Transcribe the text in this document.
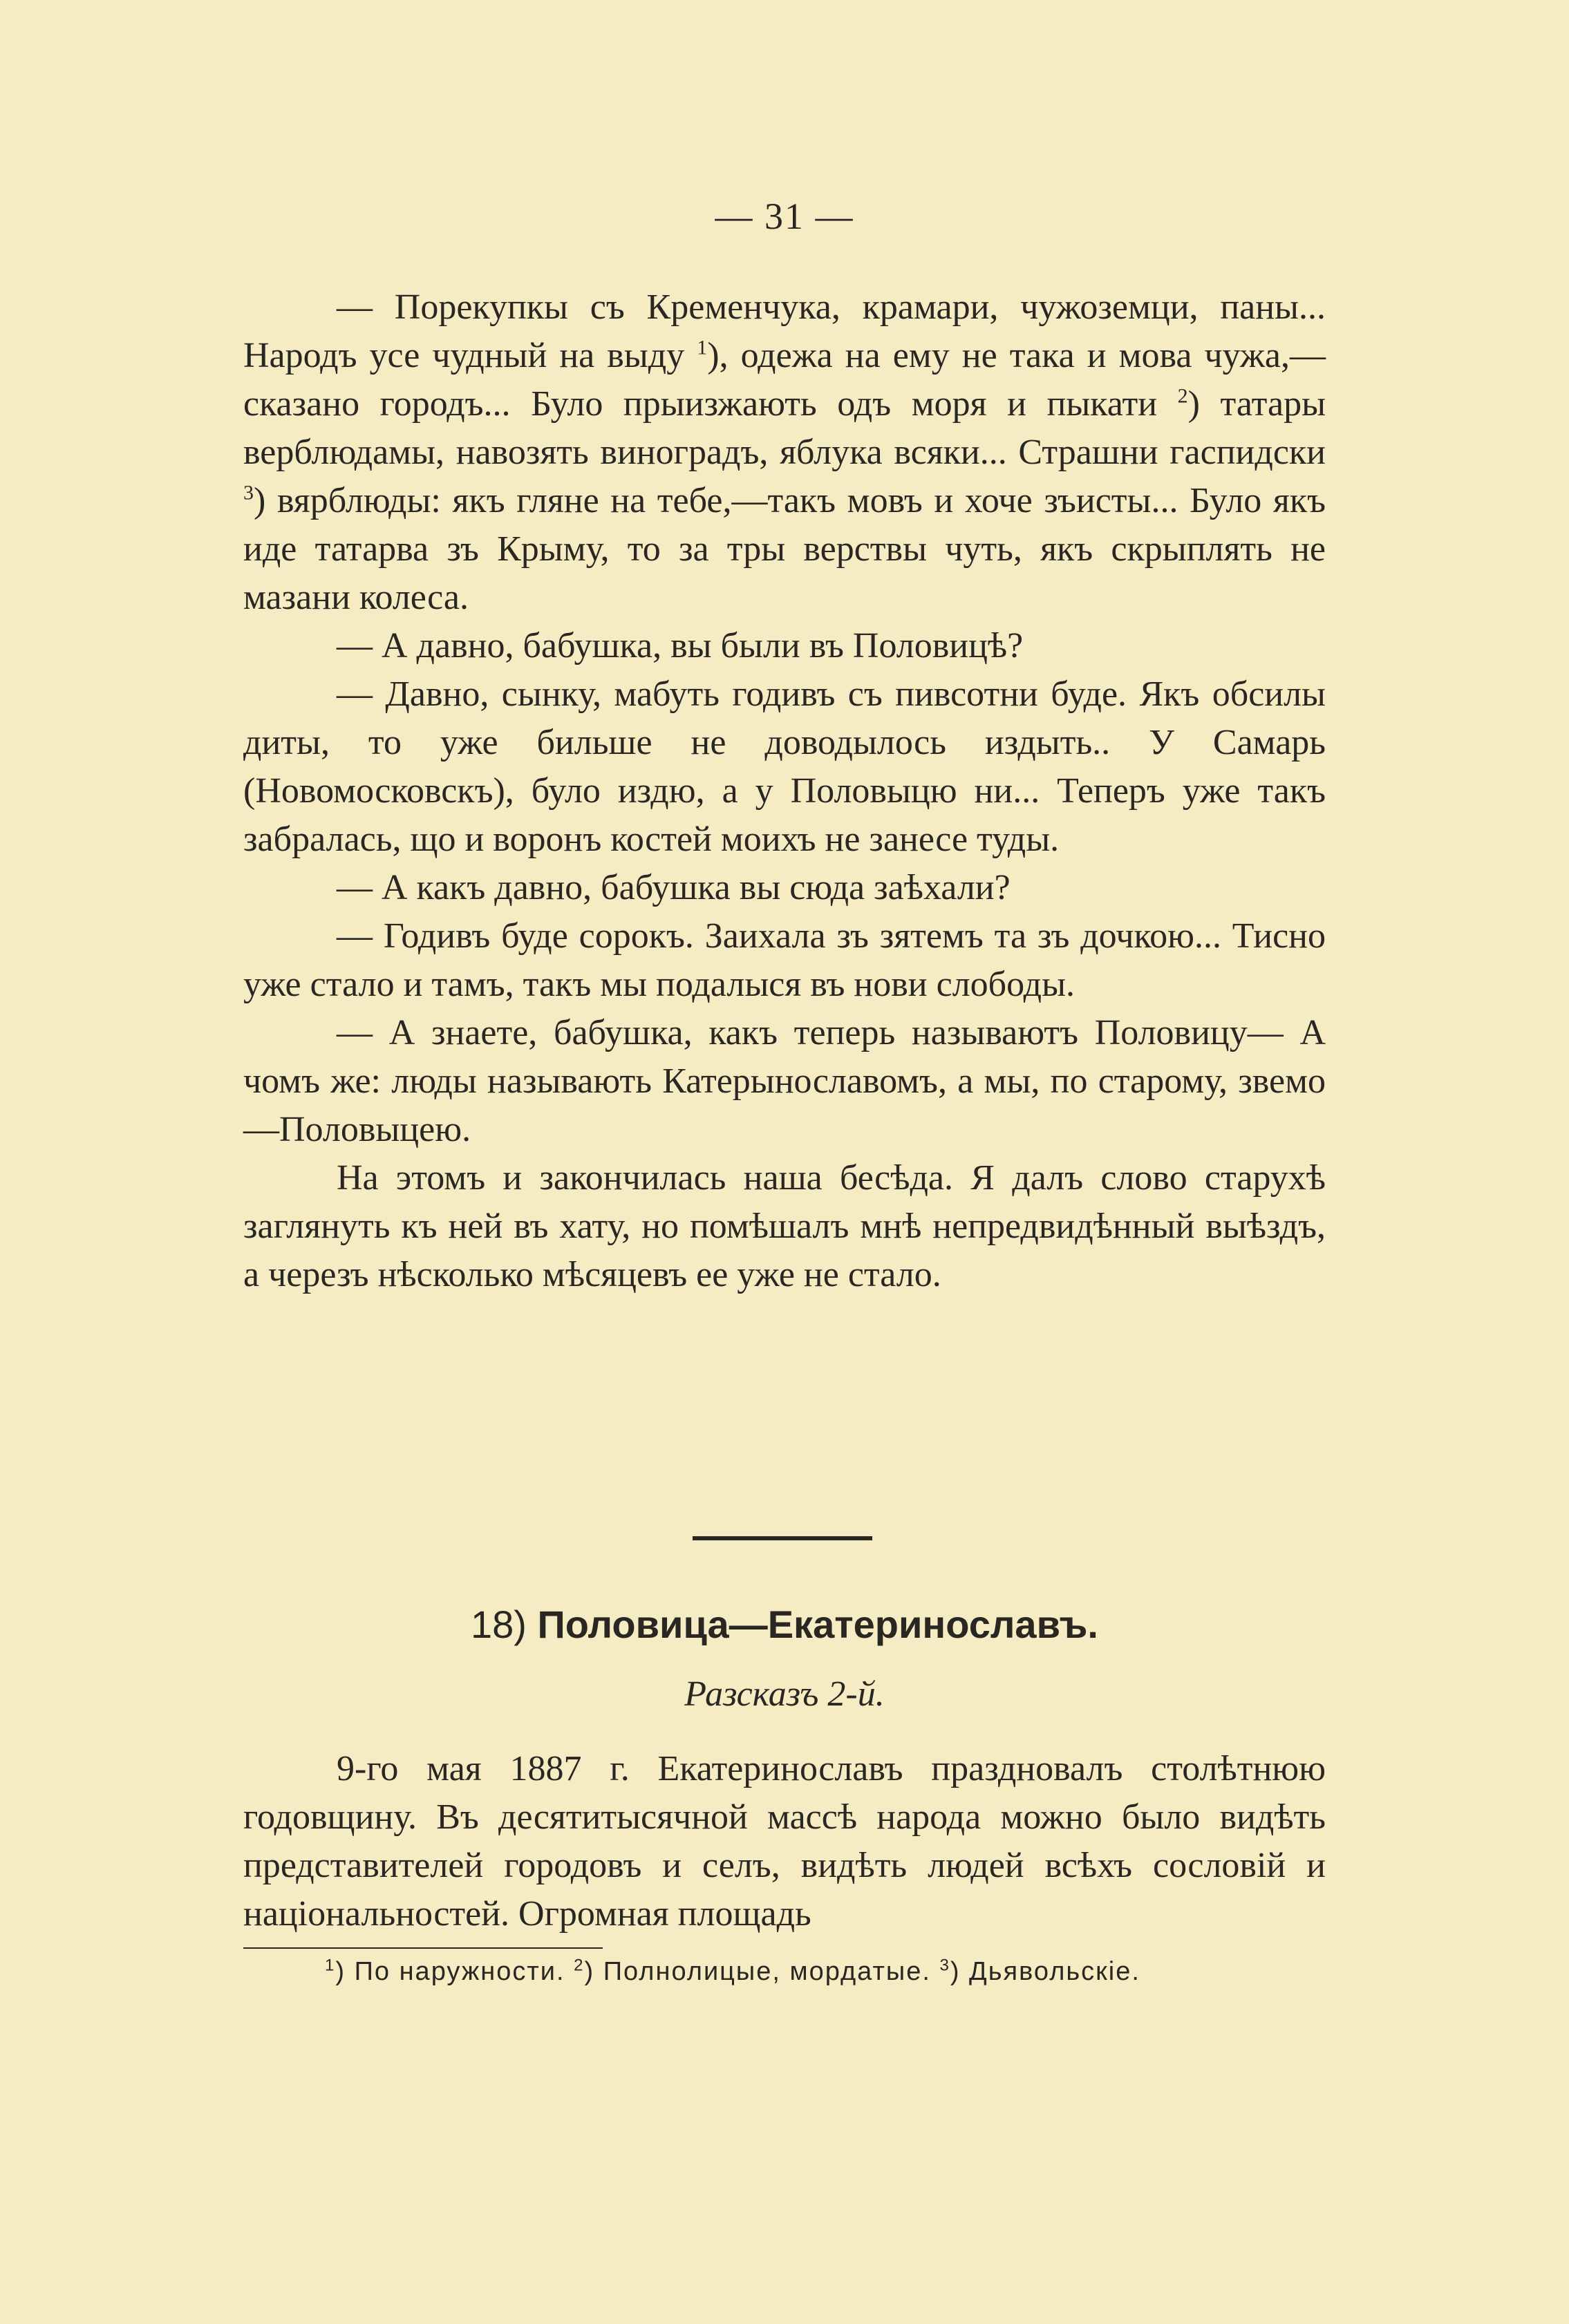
— 31 —

— Порекупкы съ Кременчука, крамари, чужоземци, паны... Народъ усе чудный на выду $^1$), одежа на ему не така и мова чужа,—сказано городъ... Було прыизжають одъ моря и пыкати $^2$) татары верблюдамы, навозять виноградъ, яблука всяки... Страшни гаспидски $^3$) вярблюды: якъ гляне на тебе,—такъ мовъ и хоче зъисты... Було якъ иде татарва зъ Крыму, то за тры верствы чуть, якъ скрыплять не мазани колеса.

— А давно, бабушка, вы были въ Половицѣ?

— Давно, сынку, мабуть годивъ съ пивсотни буде. Якъ обсилы диты, то уже бильше не доводылось издыть.. У Самарь (Новомосковскъ), було издю, а у Половыцю ни... Теперъ уже такъ забралась, що и воронъ костей моихъ не занесе туды.

— А какъ давно, бабушка вы сюда заѣхали?

— Годивъ буде сорокъ. Заихала зъ зятемъ та зъ дочкою... Тисно уже стало и тамъ, такъ мы подалыся въ нови слободы.

— А знаете, бабушка, какъ теперь называютъ Половицу— А чомъ же: люды называють Катерынославомъ, а мы, по старому, звемо—Половыцею.

На этомъ и закончилась наша бесѣда. Я далъ слово старухѣ заглянуть къ ней въ хату, но помѣшалъ мнѣ непредвидѣнный выѣздъ, а черезъ нѣсколько мѣсяцевъ ее уже не стало.

18) Половица—Екатеринославъ.
Разсказъ 2-й.

9-го мая 1887 г. Екатеринославъ праздновалъ столѣтнюю годовщину. Въ десятитысячной массѣ народа можно было видѣть представителей городовъ и селъ, видѣть людей всѣхъ сословій и національностей. Огромная площадь

$^1$) По наружности. $^2$) Полнолицые, мордатые. $^3$) Дьявольскіе.
